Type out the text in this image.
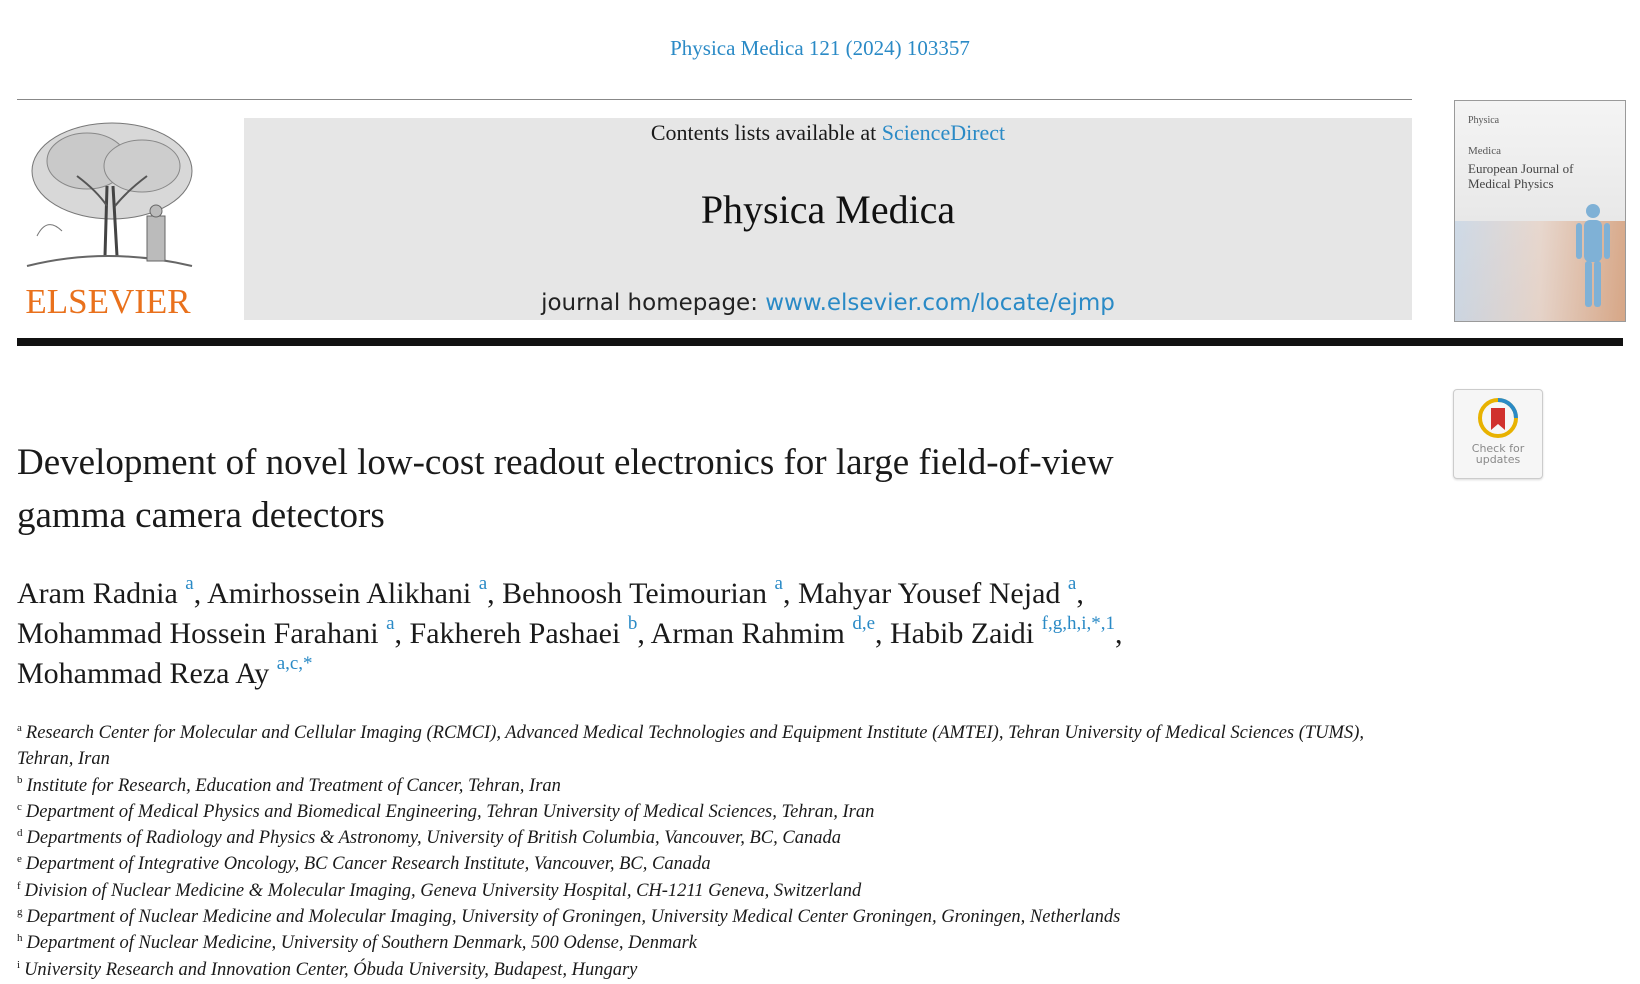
Physica Medica 121 (2024) 103357
ELSEVIER
Contents lists available at ScienceDirect
Physica Medica
journal homepage: www.elsevier.com/locate/ejmp
Physica
Medica
European Journal of Medical Physics
Check for
updates
Development of novel low-cost readout electronics for large field-of-view
gamma camera detectors
Aram Radnia $^a$, Amirhossein Alikhani $^a$, Behnoosh Teimourian $^a$, Mahyar Yousef Nejad $^a$,
Mohammad Hossein Farahani $^a$, Fakhereh Pashaei $^b$, Arman Rahmim $^{d,e}$, Habib Zaidi $^{f,g,h,i,*,1}$,
Mohammad Reza Ay $^{a,c,*}$
$^a$ Research Center for Molecular and Cellular Imaging (RCMCI), Advanced Medical Technologies and Equipment Institute (AMTEI), Tehran University of Medical Sciences (TUMS), Tehran, Iran
$^b$ Institute for Research, Education and Treatment of Cancer, Tehran, Iran
$^c$ Department of Medical Physics and Biomedical Engineering, Tehran University of Medical Sciences, Tehran, Iran
$^d$ Departments of Radiology and Physics & Astronomy, University of British Columbia, Vancouver, BC, Canada
$^e$ Department of Integrative Oncology, BC Cancer Research Institute, Vancouver, BC, Canada
$^f$ Division of Nuclear Medicine & Molecular Imaging, Geneva University Hospital, CH-1211 Geneva, Switzerland
$^g$ Department of Nuclear Medicine and Molecular Imaging, University of Groningen, University Medical Center Groningen, Groningen, Netherlands
$^h$ Department of Nuclear Medicine, University of Southern Denmark, 500 Odense, Denmark
$^i$ University Research and Innovation Center, Óbuda University, Budapest, Hungary
